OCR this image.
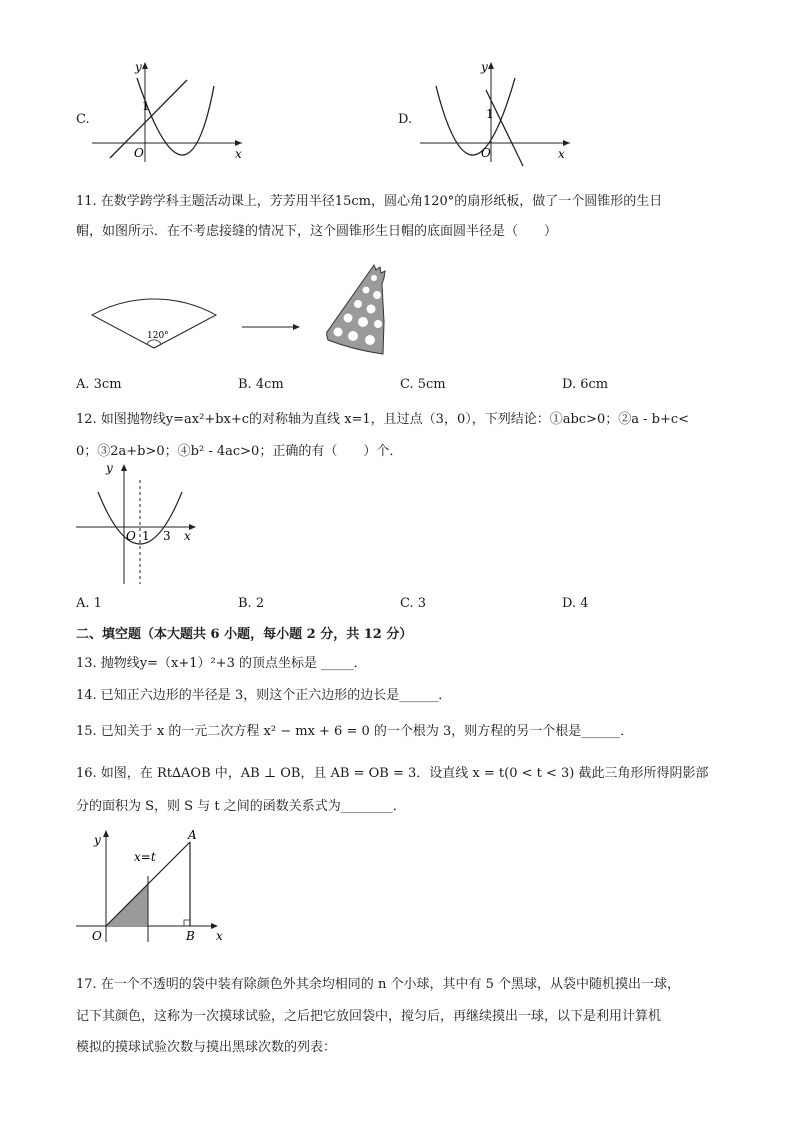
C.
y
x
O
1
D.
y
x
O
1
11. 在数学跨学科主题活动课上，芳芳用半径15cm，圆心角120°的扇形纸板，做了一个圆锥形的生日
帽，如图所示．在不考虑接缝的情况下，这个圆锥形生日帽的底面圆半径是（　　）
120°
A. 3cm	B. 4cm	C. 5cm	D. 6cm
12. 如图抛物线y=ax²+bx+c的对称轴为直线 x=1，且过点（3，0），下列结论：①abc>0；②a - b+c<
0；③2a+b>0；④b² - 4ac>0；正确的有（　　）个．
y
x
O 1 3
A. 1	B. 2	C. 3	D. 4
二、填空题（本大题共 6 小题，每小题 2 分，共 12 分）
13. 抛物线y=（x+1）²+3 的顶点坐标是 _____．
14. 已知正六边形的半径是 3，则这个正六边形的边长是______．
15. 已知关于 x 的一元二次方程 x² − mx + 6 = 0 的一个根为 3，则方程的另一个根是______．
16. 如图，在 Rt∆AOB 中，AB ⊥ OB，且 AB = OB = 3．设直线 x = t(0 < t < 3) 截此三角形所得阴影部
分的面积为 S，则 S 与 t 之间的函数关系式为________．
y
x
O
A
B
x=t
17. 在一个不透明的袋中装有除颜色外其余均相同的 n 个小球，其中有 5 个黑球，从袋中随机摸出一球，
记下其颜色，这称为一次摸球试验，之后把它放回袋中，搅匀后，再继续摸出一球，以下是利用计算机
模拟的摸球试验次数与摸出黑球次数的列表：
